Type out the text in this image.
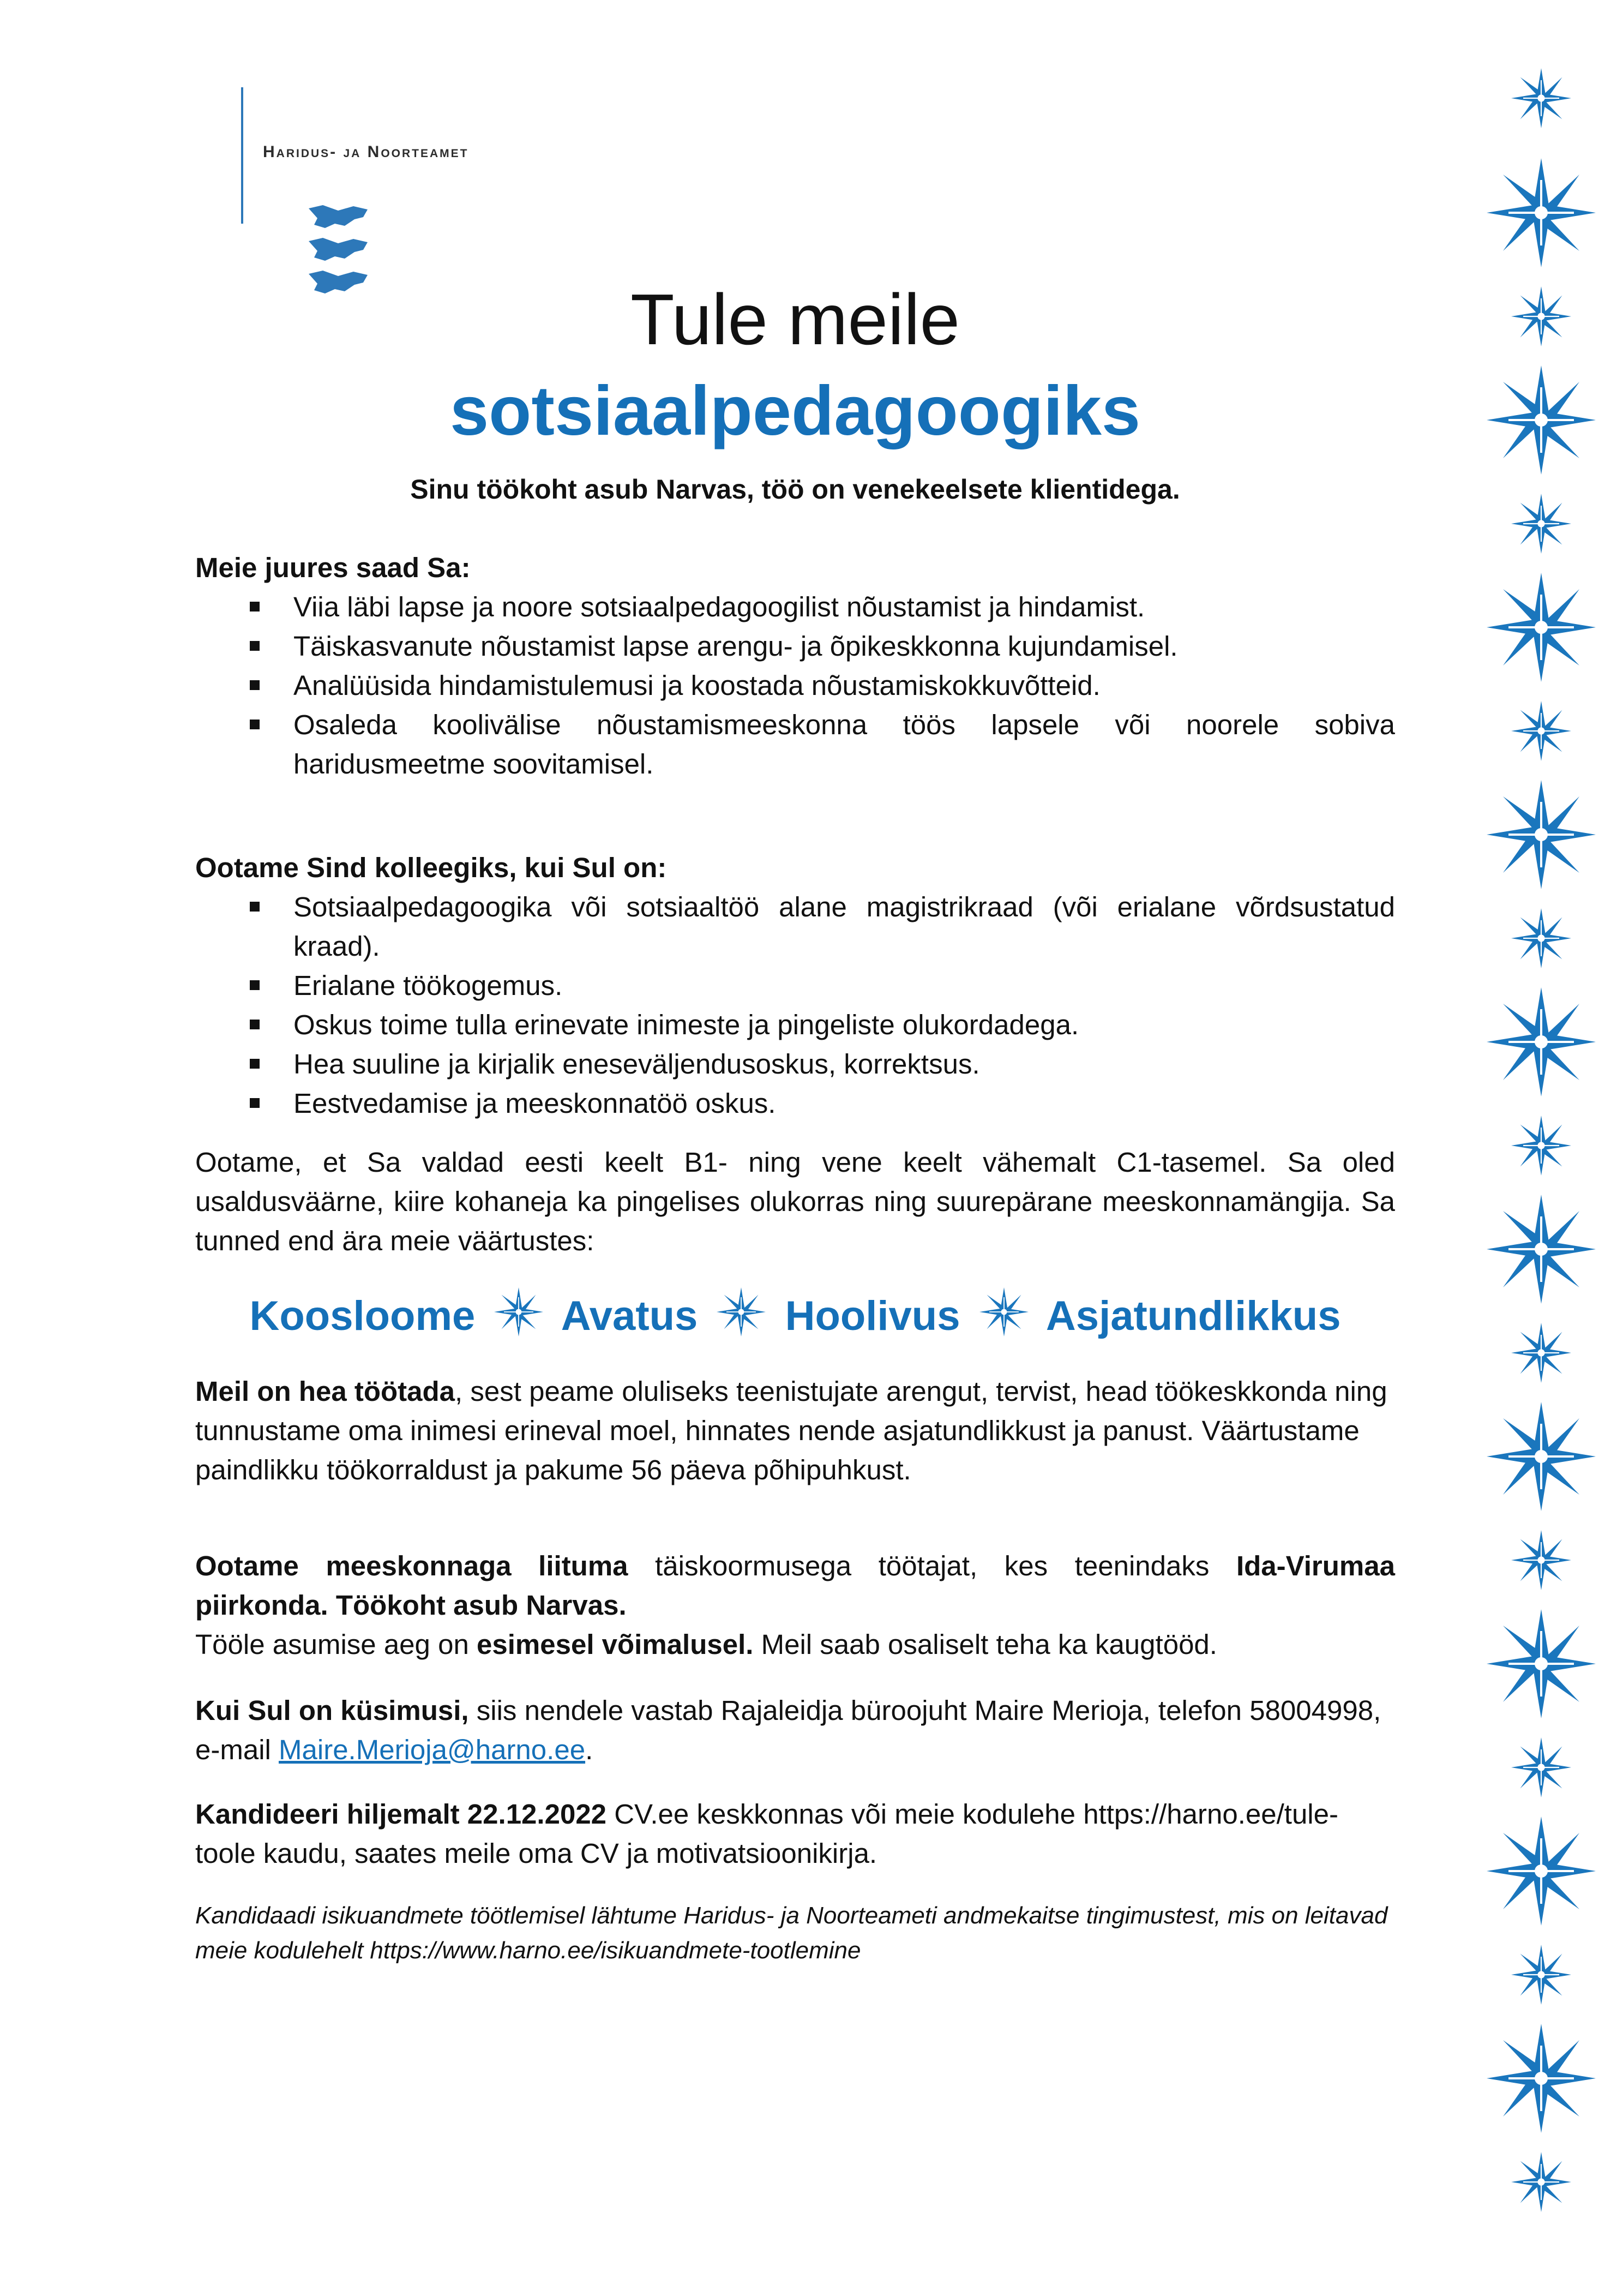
Haridus- ja Noorteamet
Tule meile
sotsiaalpedagoogiks
Sinu töökoht asub Narvas, töö on venekeelsete klientidega.
Meie juures saad Sa:
Viia läbi lapse ja noore sotsiaalpedagoogilist nõustamist ja hindamist.
Täiskasvanute nõustamist lapse arengu- ja õpikeskkonna kujundamisel.
Analüüsida hindamistulemusi ja koostada nõustamiskokkuvõtteid.
Osaleda koolivälise nõustamismeeskonna töös lapsele või noorele sobiva haridusmeetme soovitamisel.
Ootame Sind kolleegiks, kui Sul on:
Sotsiaalpedagoogika või sotsiaaltöö alane magistrikraad (või erialane võrdsustatud kraad).
Erialane töökogemus.
Oskus toime tulla erinevate inimeste ja pingeliste olukordadega.
Hea suuline ja kirjalik eneseväljendusoskus, korrektsus.
Eestvedamise ja meeskonnatöö oskus.
Ootame, et Sa valdad eesti keelt B1- ning vene keelt vähemalt C1-tasemel. Sa oled usaldusväärne, kiire kohaneja ka pingelises olukorras ning suurepärane meeskonnamängija. Sa tunned end ära meie väärtustes:
Koosloome Avatus Hoolivus Asjatundlikkus
Meil on hea töötada, sest peame oluliseks teenistujate arengut, tervist, head töökeskkonda ning tunnustame oma inimesi erineval moel, hinnates nende asjatundlikkust ja panust. Väärtustame paindlikku töökorraldust ja pakume 56 päeva põhipuhkust.
Ootame meeskonnaga liituma täiskoormusega töötajat, kes teenindaks Ida-Virumaa piirkonda. Töökoht asub Narvas.
Tööle asumise aeg on esimesel võimalusel. Meil saab osaliselt teha ka kaugtööd.
Kui Sul on küsimusi, siis nendele vastab Rajaleidja büroojuht Maire Merioja, telefon 58004998, e-mail Maire.Merioja@harno.ee.
Kandideeri hiljemalt 22.12.2022 CV.ee keskkonnas või meie kodulehe https://harno.ee/tule-toole kaudu, saates meile oma CV ja motivatsioonikirja.
Kandidaadi isikuandmete töötlemisel lähtume Haridus- ja Noorteameti andmekaitse tingimustest, mis on leitavad meie kodulehelt https://www.harno.ee/isikuandmete-tootlemine
